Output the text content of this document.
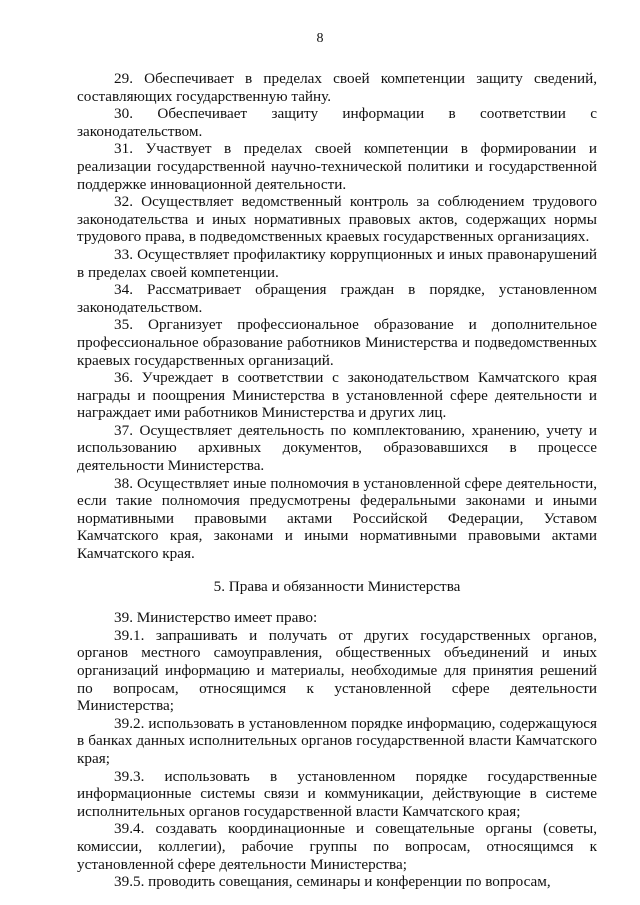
8

29. Обеспечивает в пределах своей компетенции защиту сведений, составляющих государственную тайну.

30. Обеспечивает защиту информации в соответствии с законодательством.

31. Участвует в пределах своей компетенции в формировании и реализации государственной научно-технической политики и государственной поддержке инновационной деятельности.

32. Осуществляет ведомственный контроль за соблюдением трудового законодательства и иных нормативных правовых актов, содержащих нормы трудового права, в подведомственных краевых государственных организациях.

33. Осуществляет профилактику коррупционных и иных правонарушений в пределах своей компетенции.

34. Рассматривает обращения граждан в порядке, установленном законодательством.

35. Организует профессиональное образование и дополнительное профессиональное образование работников Министерства и подведомственных краевых государственных организаций.

36. Учреждает в соответствии с законодательством Камчатского края награды и поощрения Министерства в установленной сфере деятельности и награждает ими работников Министерства и других лиц.

37. Осуществляет деятельность по комплектованию, хранению, учету и использованию архивных документов, образовавшихся в процессе деятельности Министерства.

38. Осуществляет иные полномочия в установленной сфере деятельности, если такие полномочия предусмотрены федеральными законами и иными нормативными правовыми актами Российской Федерации, Уставом Камчатского края, законами и иными нормативными правовыми актами Камчатского края.

5. Права и обязанности Министерства

39. Министерство имеет право:

39.1. запрашивать и получать от других государственных органов, органов местного самоуправления, общественных объединений и иных организаций информацию и материалы, необходимые для принятия решений по вопросам, относящимся к установленной сфере деятельности Министерства;

39.2. использовать в установленном порядке информацию, содержащуюся в банках данных исполнительных органов государственной власти Камчатского края;

39.3. использовать в установленном порядке государственные информационные системы связи и коммуникации, действующие в системе исполнительных органов государственной власти Камчатского края;

39.4. создавать координационные и совещательные органы (советы, комиссии, коллегии), рабочие группы по вопросам, относящимся к установленной сфере деятельности Министерства;

39.5. проводить совещания, семинары и конференции по вопросам,
